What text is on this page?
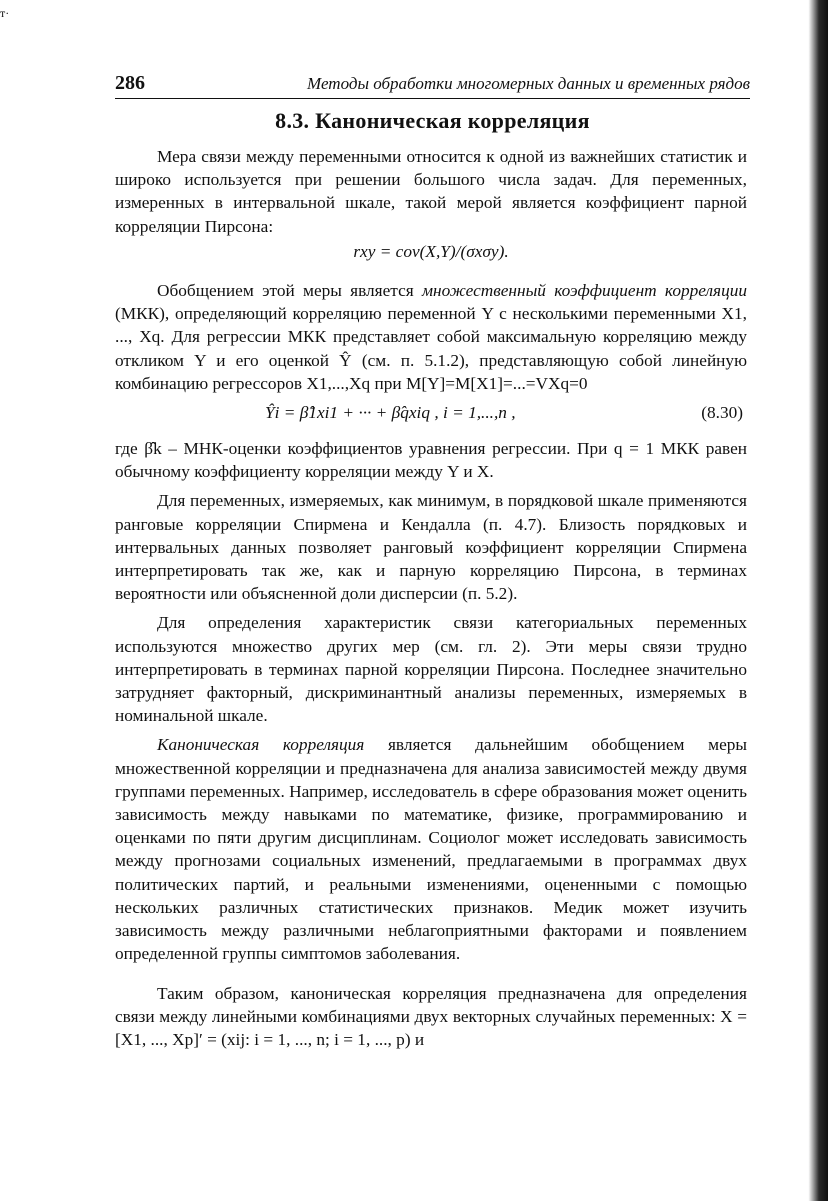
т·
286	Методы обработки многомерных данных и временных рядов
8.3. Каноническая корреляция

Мера связи между переменными относится к одной из важнейших статистик и широко используется при решении большого числа задач. Для переменных, измеренных в интервальной шкале, такой мерой является коэффициент парной корреляции Пирсона:

rxy = cov(X,Y)/(σxσy).

Обобщением этой меры является множественный коэффициент корреляции (МКК), определяющий корреляцию переменной Y с несколькими переменными X1, ..., Xq. Для регрессии МКК представляет собой максимальную корреляцию между откликом Y и его оценкой Ŷ (см. п. 5.1.2), представляющую собой линейную комбинацию регрессоров X1,...,Xq при M[Y]=M[X1]=...=VXq=0

Ŷi = β̂1xi1 + ··· + β̂qxiq , i = 1,...,n ,	(8.30)

где β̂k – МНК-оценки коэффициентов уравнения регрессии. При q = 1 МКК равен обычному коэффициенту корреляции между Y и X.

Для переменных, измеряемых, как минимум, в порядковой шкале применяются ранговые корреляции Спирмена и Кендалла (п. 4.7). Близость порядковых и интервальных данных позволяет ранговый коэффициент корреляции Спирмена интерпретировать так же, как и парную корреляцию Пирсона, в терминах вероятности или объясненной доли дисперсии (п. 5.2).

Для определения характеристик связи категориальных переменных используются множество других мер (см. гл. 2). Эти меры связи трудно интерпретировать в терминах парной корреляции Пирсона. Последнее значительно затрудняет факторный, дискриминантный анализы переменных, измеряемых в номинальной шкале.

Каноническая корреляция является дальнейшим обобщением меры множественной корреляции и предназначена для анализа зависимостей между двумя группами переменных. Например, исследователь в сфере образования может оценить зависимость между навыками по математике, физике, программированию и оценками по пяти другим дисциплинам. Социолог может исследовать зависимость между прогнозами социальных изменений, предлагаемыми в программах двух политических партий, и реальными изменениями, оцененными с помощью нескольких различных статистических признаков. Медик может изучить зависимость между различными неблагоприятными факторами и появлением определенной группы симптомов заболевания.

Таким образом, каноническая корреляция предназначена для определения связи между линейными комбинациями двух векторных случайных переменных: X = [X1, ..., Xp]′ = (xij: i = 1, ..., n; i = 1, ..., p) и
